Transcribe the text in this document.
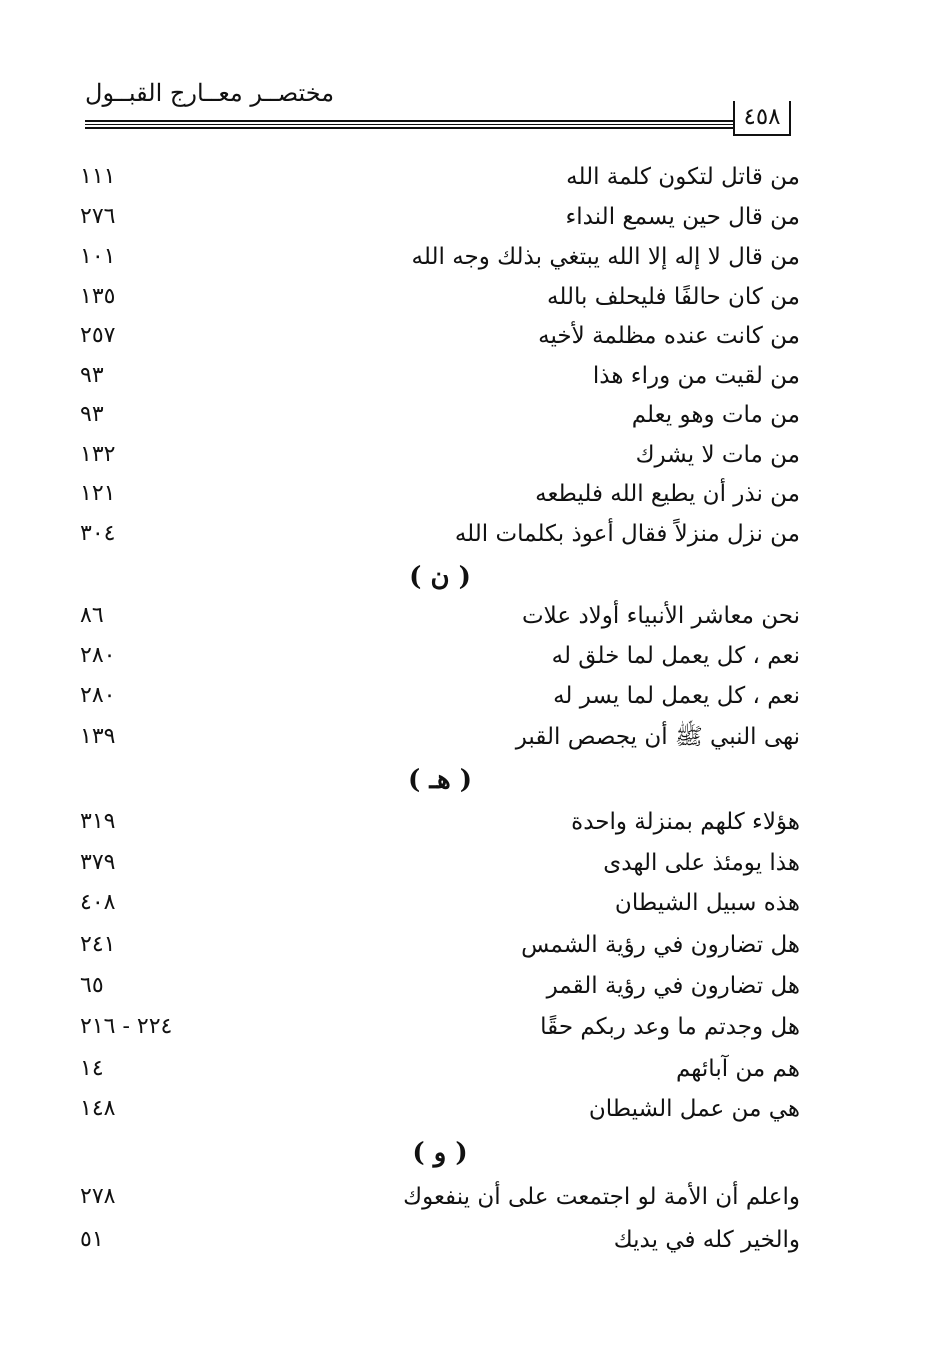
مختصــر معــارج القبــول
٤٥٨
من قاتل لتكون كلمة الله
١١١
من قال حين يسمع النداء
٢٧٦
من قال لا إله إلا الله يبتغي بذلك وجه الله
١٠١
من كان حالفًا فليحلف بالله
١٣٥
من كانت عنده مظلمة لأخيه
٢٥٧
من لقيت من وراء هذا
٩٣
من مات وهو يعلم
٩٣
من مات لا يشرك
١٣٢
من نذر أن يطيع الله فليطعه
١٢١
من نزل منزلاً فقال أعوذ بكلمات الله
٣٠٤
( ن )
نحن معاشر الأنبياء أولاد علات
٨٦
نعم ، كل يعمل لما خلق له
٢٨٠
نعم ، كل يعمل لما يسر له
٢٨٠
نهى النبي ﷺ أن يجصص القبر
١٣٩
( هـ )
هؤلاء كلهم بمنزلة واحدة
٣١٩
هذا يومئذ على الهدى
٣٧٩
هذه سبيل الشيطان
٤٠٨
هل تضارون في رؤية الشمس
٢٤١
هل تضارون في رؤية القمر
٦٥
هل وجدتم ما وعد ربكم حقًا
٢٢٤ - ٢١٦
هم من آبائهم
١٤
هي من عمل الشيطان
١٤٨
( و )
واعلم أن الأمة لو اجتمعت على أن ينفعوك
٢٧٨
والخير كله في يديك
٥١
